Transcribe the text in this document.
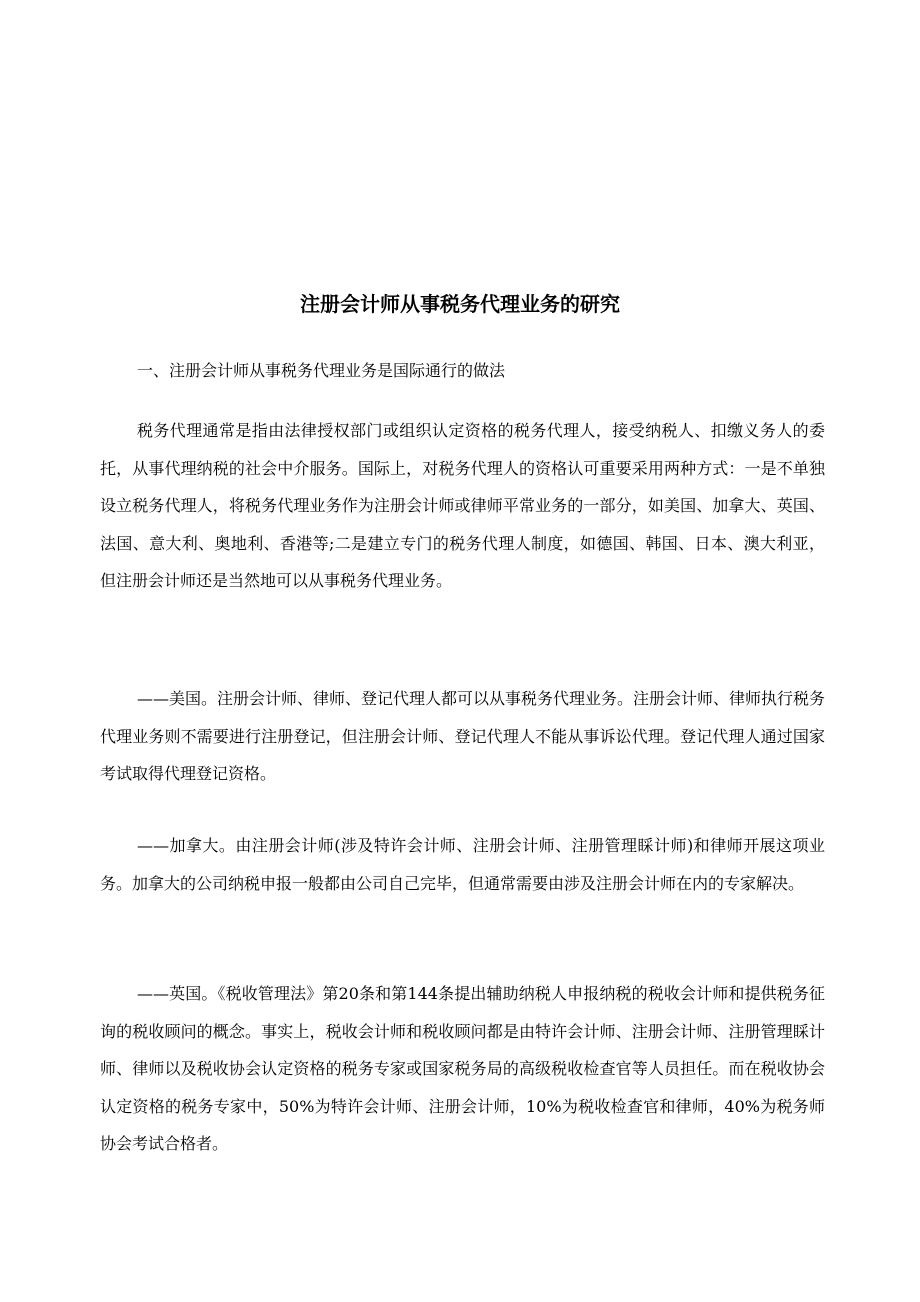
注册会计师从事税务代理业务的研究

一、注册会计师从事税务代理业务是国际通行的做法

税务代理通常是指由法律授权部门或组织认定资格的税务代理人，接受纳税人、扣缴义务人的委托，从事代理纳税的社会中介服务。国际上，对税务代理人的资格认可重要采用两种方式：一是不单独设立税务代理人，将税务代理业务作为注册会计师或律师平常业务的一部分，如美国、加拿大、英国、法国、意大利、奥地利、香港等;二是建立专门的税务代理人制度，如德国、韩国、日本、澳大利亚，但注册会计师还是当然地可以从事税务代理业务。

——美国。注册会计师、律师、登记代理人都可以从事税务代理业务。注册会计师、律师执行税务代理业务则不需要进行注册登记，但注册会计师、登记代理人不能从事诉讼代理。登记代理人通过国家考试取得代理登记资格。

——加拿大。由注册会计师(涉及特许会计师、注册会计师、注册管理睬计师)和律师开展这项业务。加拿大的公司纳税申报一般都由公司自己完毕，但通常需要由涉及注册会计师在内的专家解决。

——英国。《税收管理法》第20条和第144条提出辅助纳税人申报纳税的税收会计师和提供税务征询的税收顾问的概念。事实上，税收会计师和税收顾问都是由特许会计师、注册会计师、注册管理睬计师、律师以及税收协会认定资格的税务专家或国家税务局的高级税收检查官等人员担任。而在税收协会认定资格的税务专家中，50%为特许会计师、注册会计师，10%为税收检查官和律师，40%为税务师协会考试合格者。
